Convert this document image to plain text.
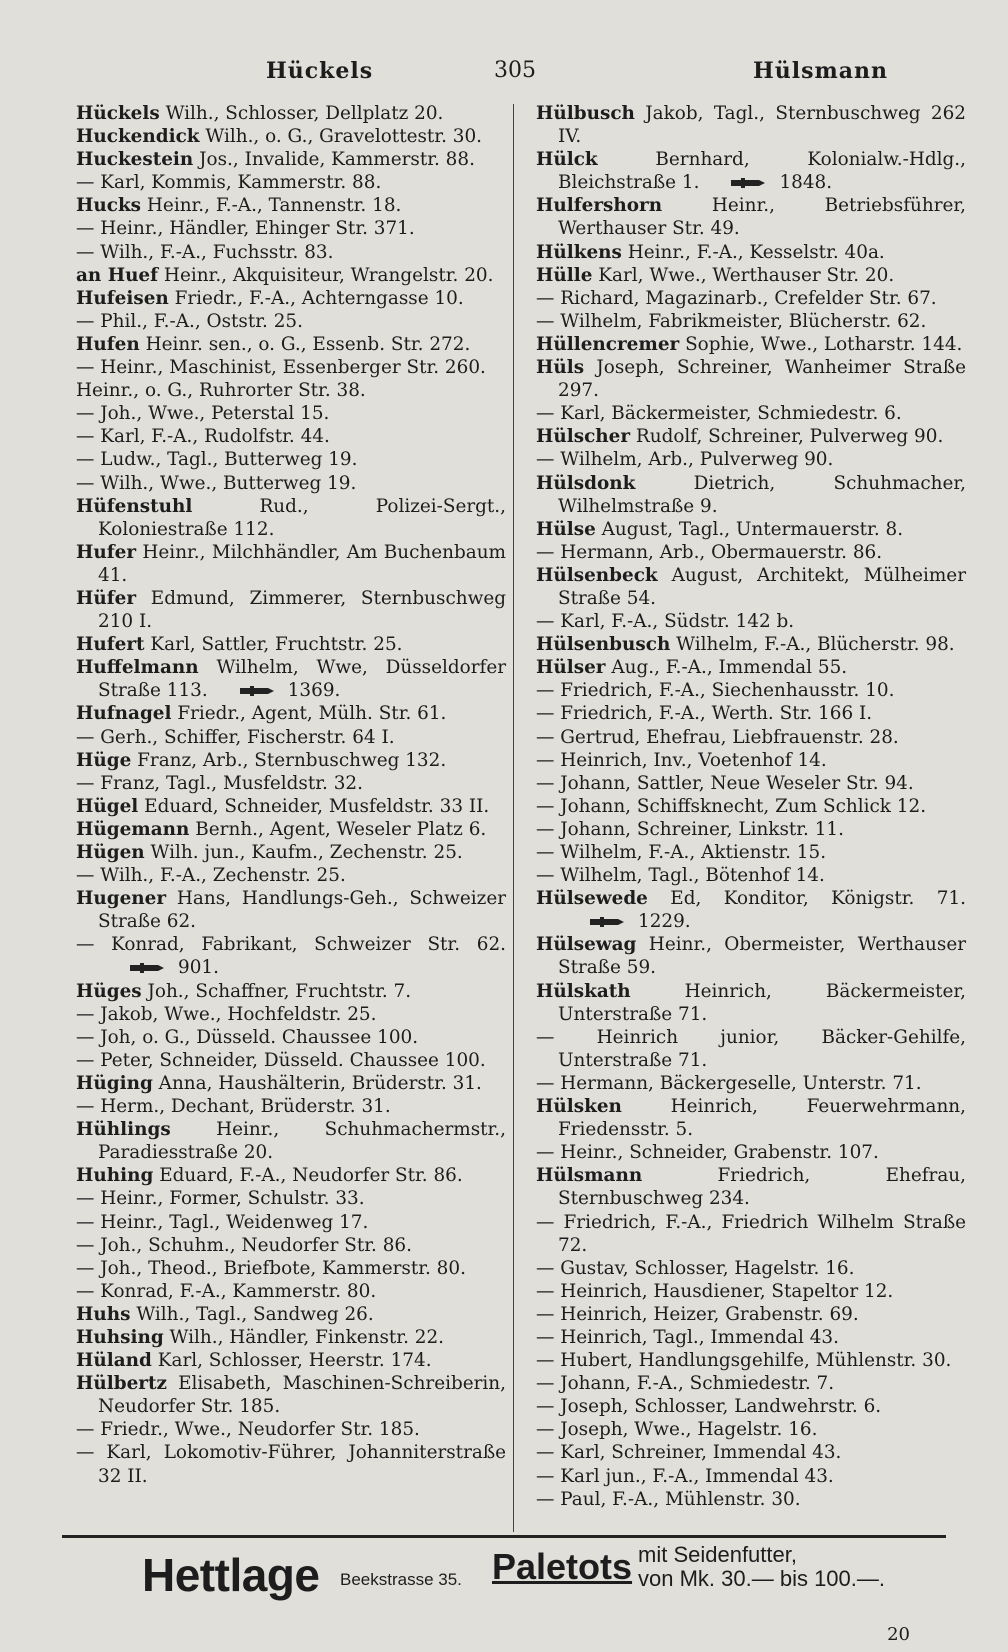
Hückels	305	Hülsmann

Hückels Wilh., Schlosser, Dellplatz 20.

Huckendick Wilh., o. G., Gravelottestr. 30.

Huckestein Jos., Invalide, Kammerstr. 88.

— Karl, Kommis, Kammerstr. 88.

Hucks Heinr., F.-A., Tannenstr. 18.

— Heinr., Händler, Ehinger Str. 371.

— Wilh., F.-A., Fuchsstr. 83.

an Huef Heinr., Akquisiteur, Wrangelstr. 20.

Hufeisen Friedr., F.-A., Achterngasse 10.

— Phil., F.-A., Oststr. 25.

Hufen Heinr. sen., o. G., Essenb. Str. 272.

— Heinr., Maschinist, Essenberger Str. 260.

Heinr., o. G., Ruhrorter Str. 38.

— Joh., Wwe., Peterstal 15.

— Karl, F.-A., Rudolfstr. 44.

— Ludw., Tagl., Butterweg 19.

— Wilh., Wwe., Butterweg 19.

Hüfenstuhl Rud., Polizei-Sergt., Koloniestraße 112.

Hufer Heinr., Milchhändler, Am Buchenbaum 41.

Hüfer Edmund, Zimmerer, Sternbuschweg 210 I.

Hufert Karl, Sattler, Fruchtstr. 25.

Huffelmann Wilhelm, Wwe, Düsseldorfer Straße 113.	1369.

Hufnagel Friedr., Agent, Mülh. Str. 61.

— Gerh., Schiffer, Fischerstr. 64 I.

Hüge Franz, Arb., Sternbuschweg 132.

— Franz, Tagl., Musfeldstr. 32.

Hügel Eduard, Schneider, Musfeldstr. 33 II.

Hügemann Bernh., Agent, Weseler Platz 6.

Hügen Wilh. jun., Kaufm., Zechenstr. 25.

— Wilh., F.-A., Zechenstr. 25.

Hugener Hans, Handlungs-Geh., Schweizer Straße 62.

— Konrad, Fabrikant, Schweizer Str. 62.901.

Hüges Joh., Schaffner, Fruchtstr. 7.

— Jakob, Wwe., Hochfeldstr. 25.

— Joh, o. G., Düsseld. Chaussee 100.

— Peter, Schneider, Düsseld. Chaussee 100.

Hüging Anna, Haushälterin, Brüderstr. 31.

— Herm., Dechant, Brüderstr. 31.

Hühlings Heinr., Schuhmachermstr., Paradiesstraße 20.

Huhing Eduard, F.-A., Neudorfer Str. 86.

— Heinr., Former, Schulstr. 33.

— Heinr., Tagl., Weidenweg 17.

— Joh., Schuhm., Neudorfer Str. 86.

— Joh., Theod., Briefbote, Kammerstr. 80.

— Konrad, F.-A., Kammerstr. 80.

Huhs Wilh., Tagl., Sandweg 26.

Huhsing Wilh., Händler, Finkenstr. 22.

Hüland Karl, Schlosser, Heerstr. 174.

Hülbertz Elisabeth, Maschinen-Schreiberin, Neudorfer Str. 185.

— Friedr., Wwe., Neudorfer Str. 185.

— Karl, Lokomotiv-Führer, Johanniterstraße 32 II.

Hülbusch Jakob, Tagl., Sternbuschweg 262 IV.

Hülck Bernhard, Kolonialw.-Hdlg., Bleichstraße 1.	1848.

Hulfershorn Heinr., Betriebsführer, Werthauser Str. 49.

Hülkens Heinr., F.-A., Kesselstr. 40a.

Hülle Karl, Wwe., Werthauser Str. 20.

— Richard, Magazinarb., Crefelder Str. 67.

— Wilhelm, Fabrikmeister, Blücherstr. 62.

Hüllencremer Sophie, Wwe., Lotharstr. 144.

Hüls Joseph, Schreiner, Wanheimer Straße 297.

— Karl, Bäckermeister, Schmiedestr. 6.

Hülscher Rudolf, Schreiner, Pulverweg 90.

— Wilhelm, Arb., Pulverweg 90.

Hülsdonk Dietrich, Schuhmacher, Wilhelmstraße 9.

Hülse August, Tagl., Untermauerstr. 8.

— Hermann, Arb., Obermauerstr. 86.

Hülsenbeck August, Architekt, Mülheimer Straße 54.

— Karl, F.-A., Südstr. 142 b.

Hülsenbusch Wilhelm, F.-A., Blücherstr. 98.

Hülser Aug., F.-A., Immendal 55.

— Friedrich, F.-A., Siechenhausstr. 10.

— Friedrich, F.-A., Werth. Str. 166 I.

— Gertrud, Ehefrau, Liebfrauenstr. 28.

— Heinrich, Inv., Voetenhof 14.

— Johann, Sattler, Neue Weseler Str. 94.

— Johann, Schiffsknecht, Zum Schlick 12.

— Johann, Schreiner, Linkstr. 11.

— Wilhelm, F.-A., Aktienstr. 15.

— Wilhelm, Tagl., Bötenhof 14.

Hülsewede Ed, Konditor, Königstr. 71.1229.

Hülsewag Heinr., Obermeister, Werthauser Straße 59.

Hülskath Heinrich, Bäckermeister, Unterstraße 71.

— Heinrich junior, Bäcker-Gehilfe, Unterstraße 71.

— Hermann, Bäckergeselle, Unterstr. 71.

Hülsken Heinrich, Feuerwehrmann, Friedensstr. 5.

— Heinr., Schneider, Grabenstr. 107.

Hülsmann Friedrich, Ehefrau, Sternbuschweg 234.

— Friedrich, F.-A., Friedrich Wilhelm Straße 72.

— Gustav, Schlosser, Hagelstr. 16.

— Heinrich, Hausdiener, Stapeltor 12.

— Heinrich, Heizer, Grabenstr. 69.

— Heinrich, Tagl., Immendal 43.

— Hubert, Handlungsgehilfe, Mühlenstr. 30.

— Johann, F.-A., Schmiedestr. 7.

— Joseph, Schlosser, Landwehrstr. 6.

— Joseph, Wwe., Hagelstr. 16.

— Karl, Schreiner, Immendal 43.

— Karl jun., F.-A., Immendal 43.

— Paul, F.-A., Mühlenstr. 30.

Hettlage Beekstrasse 35. Paletots mit Seidenfutter,
von Mk. 30.— bis 100.—.
20
